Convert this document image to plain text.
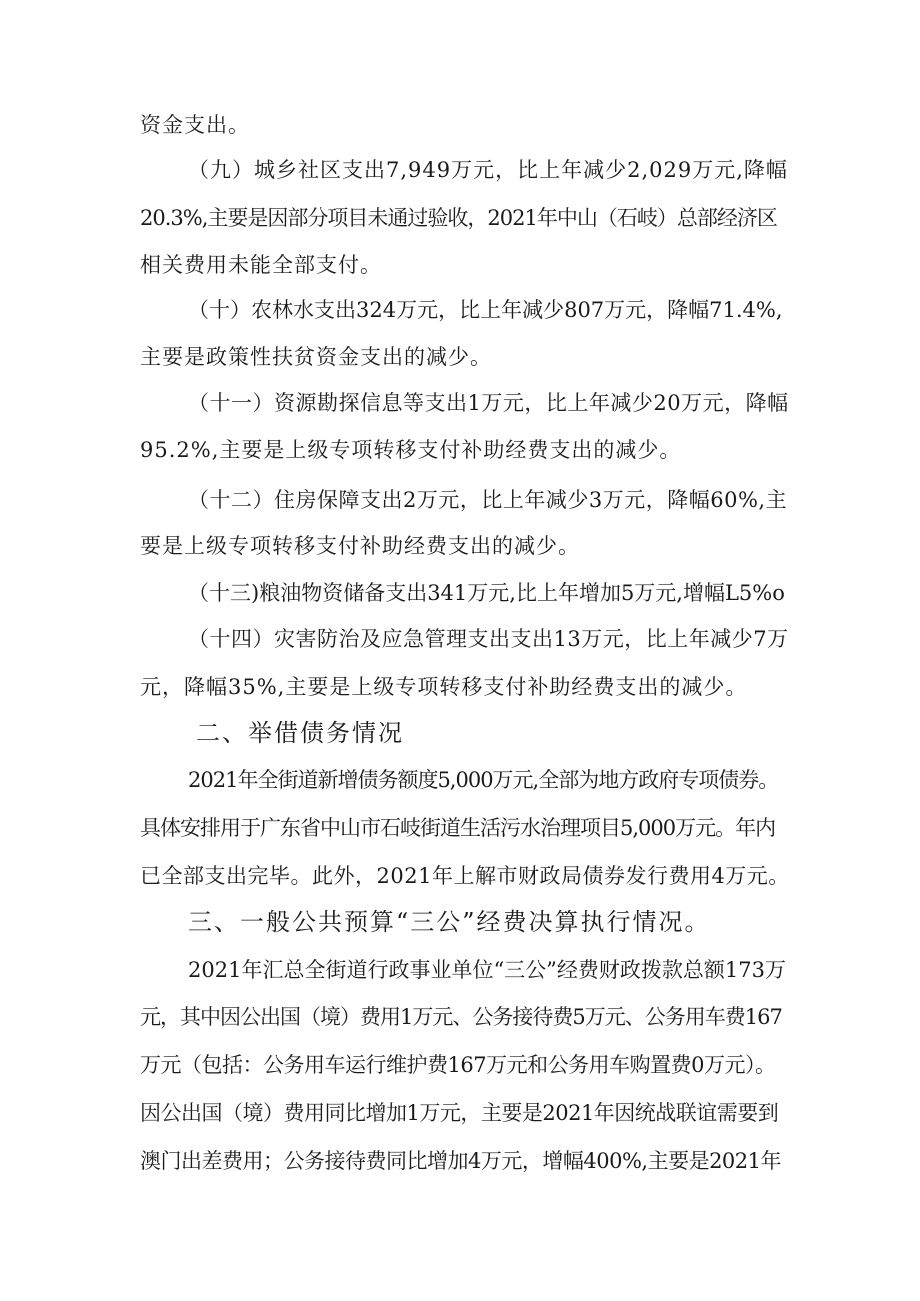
资金支出。
（九）城乡社区支出7,949万元，比上年减少2,029万元,降幅
20.3%,主要是因部分项目未通过验收，2021年中山（石岐）总部经济区
相关费用未能全部支付。
（十）农林水支出324万元，比上年减少807万元，降幅71.4%,
主要是政策性扶贫资金支出的减少。
（十一）资源勘探信息等支出1万元，比上年减少20万元，降幅
95.2%,主要是上级专项转移支付补助经费支出的减少。
（十二）住房保障支出2万元，比上年减少3万元，降幅60%,主
要是上级专项转移支付补助经费支出的减少。
（十三)粮油物资储备支出341万元,比上年增加5万元,增幅L5%o
（十四）灾害防治及应急管理支出支出13万元，比上年减少7万
元，降幅35%,主要是上级专项转移支付补助经费支出的减少。
二、举借债务情况
2021年全街道新增债务额度5,000万元,全部为地方政府专项债券。
具体安排用于广东省中山市石岐街道生活污水治理项目5,000万元。年内
已全部支出完毕。此外，2021年上解市财政局债券发行费用4万元。
三、一般公共预算“三公”经费决算执行情况。
2021年汇总全街道行政事业单位“三公”经费财政拨款总额173万
元，其中因公出国（境）费用1万元、公务接待费5万元、公务用车费167
万元（包括：公务用车运行维护费167万元和公务用车购置费0万元）。
因公出国（境）费用同比增加1万元，主要是2021年因统战联谊需要到
澳门出差费用；公务接待费同比增加4万元，增幅400%,主要是2021年
